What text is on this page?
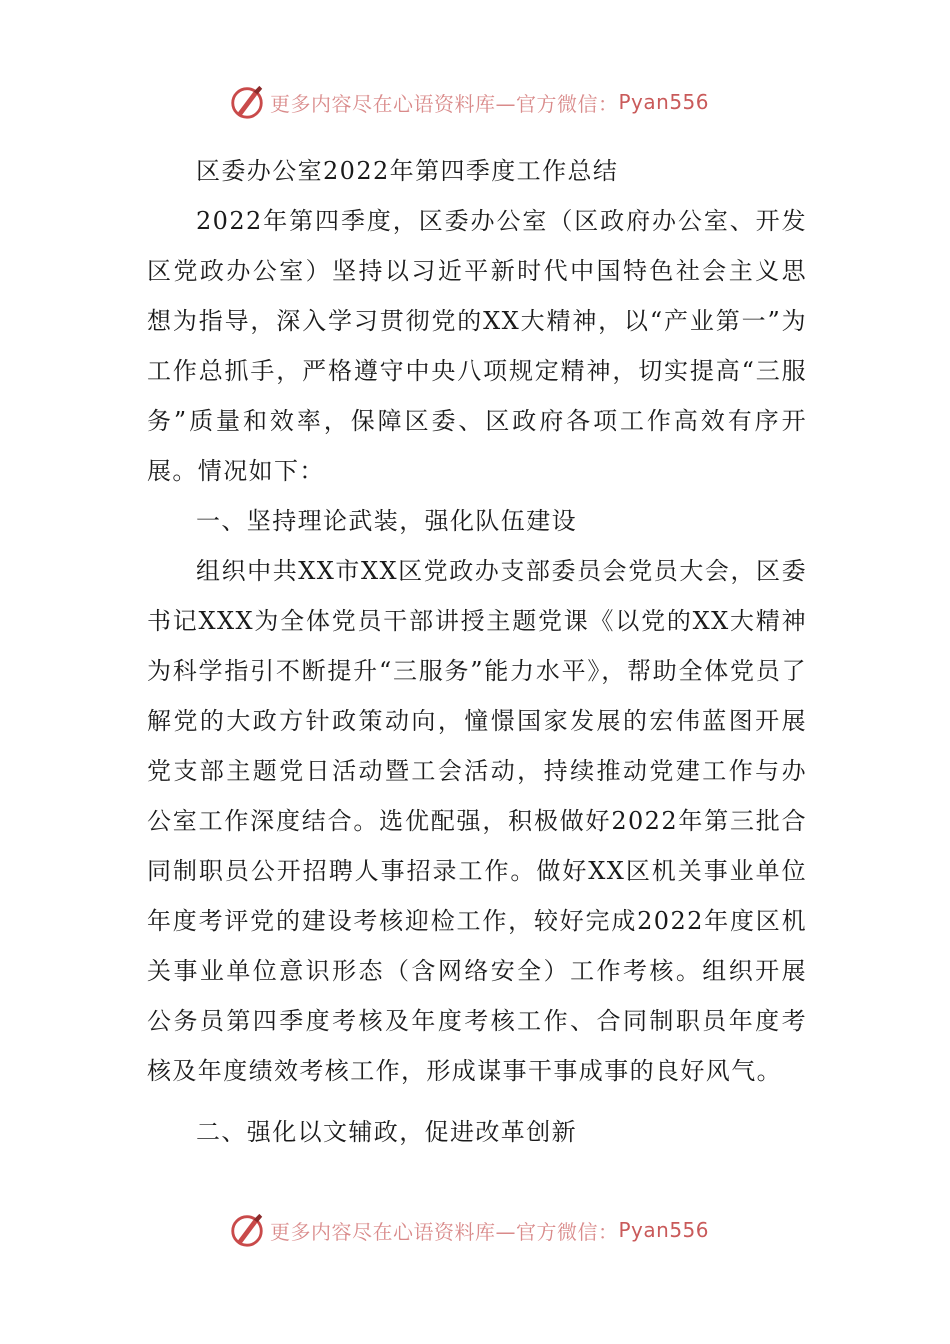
更多内容尽在心语资料库—官方微信： Pyan556

区委办公室2022年第四季度工作总结

2022年第四季度，区委办公室（区政府办公室、开发区党政办公室）坚持以习近平新时代中国特色社会主义思想为指导，深入学习贯彻党的XX大精神，以“产业第一”为工作总抓手，严格遵守中央八项规定精神，切实提高“三服务”质量和效率，保障区委、区政府各项工作高效有序开展。情况如下：

一、坚持理论武装，强化队伍建设

组织中共XX市XX区党政办支部委员会党员大会，区委书记XXX为全体党员干部讲授主题党课《以党的XX大精神为科学指引不断提升“三服务”能力水平》，帮助全体党员了解党的大政方针政策动向，憧憬国家发展的宏伟蓝图开展党支部主题党日活动暨工会活动，持续推动党建工作与办公室工作深度结合。选优配强，积极做好2022年第三批合同制职员公开招聘人事招录工作。做好XX区机关事业单位年度考评党的建设考核迎检工作，较好完成2022年度区机关事业单位意识形态（含网络安全）工作考核。组织开展公务员第四季度考核及年度考核工作、合同制职员年度考核及年度绩效考核工作，形成谋事干事成事的良好风气。

二、强化以文辅政，促进改革创新

更多内容尽在心语资料库—官方微信： Pyan556
